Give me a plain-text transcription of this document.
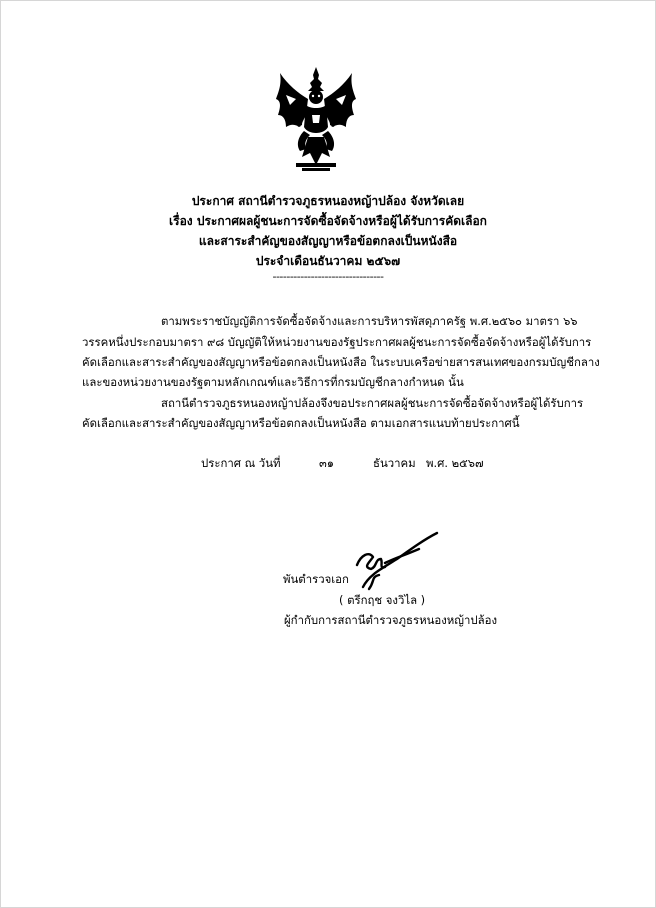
ประกาศ สถานีตำรวจภูธรหนองหญ้าปล้อง จังหวัดเลย
เรื่อง ประกาศผลผู้ชนะการจัดซื้อจัดจ้างหรือผู้ได้รับการคัดเลือก
และสาระสำคัญของสัญญาหรือข้อตกลงเป็นหนังสือ
ประจำเดือนธันวาคม ๒๕๖๗
--------------------------------
ตามพระราชบัญญัติการจัดซื้อจัดจ้างและการบริหารพัสดุภาครัฐ พ.ศ.๒๕๖๐ มาตรา ๖๖
วรรคหนึ่งประกอบมาตรา ๙๘ บัญญัติให้หน่วยงานของรัฐประกาศผลผู้ชนะการจัดซื้อจัดจ้างหรือผู้ได้รับการ
คัดเลือกและสาระสำคัญของสัญญาหรือข้อตกลงเป็นหนังสือ ในระบบเครือข่ายสารสนเทศของกรมบัญชีกลาง
และของหน่วยงานของรัฐตามหลักเกณฑ์และวิธีการที่กรมบัญชีกลางกำหนด นั้น
สถานีตำรวจภูธรหนองหญ้าปล้องจึงขอประกาศผลผู้ชนะการจัดซื้อจัดจ้างหรือผู้ได้รับการ
คัดเลือกและสาระสำคัญของสัญญาหรือข้อตกลงเป็นหนังสือ ตามเอกสารแนบท้ายประกาศนี้
ประกาศ ณ วันที่	๓๑	ธันวาคม พ.ศ. ๒๕๖๗
พันตำรวจเอก
( ตรีกฤช จงวิไล )
ผู้กำกับการสถานีตำรวจภูธรหนองหญ้าปล้อง
